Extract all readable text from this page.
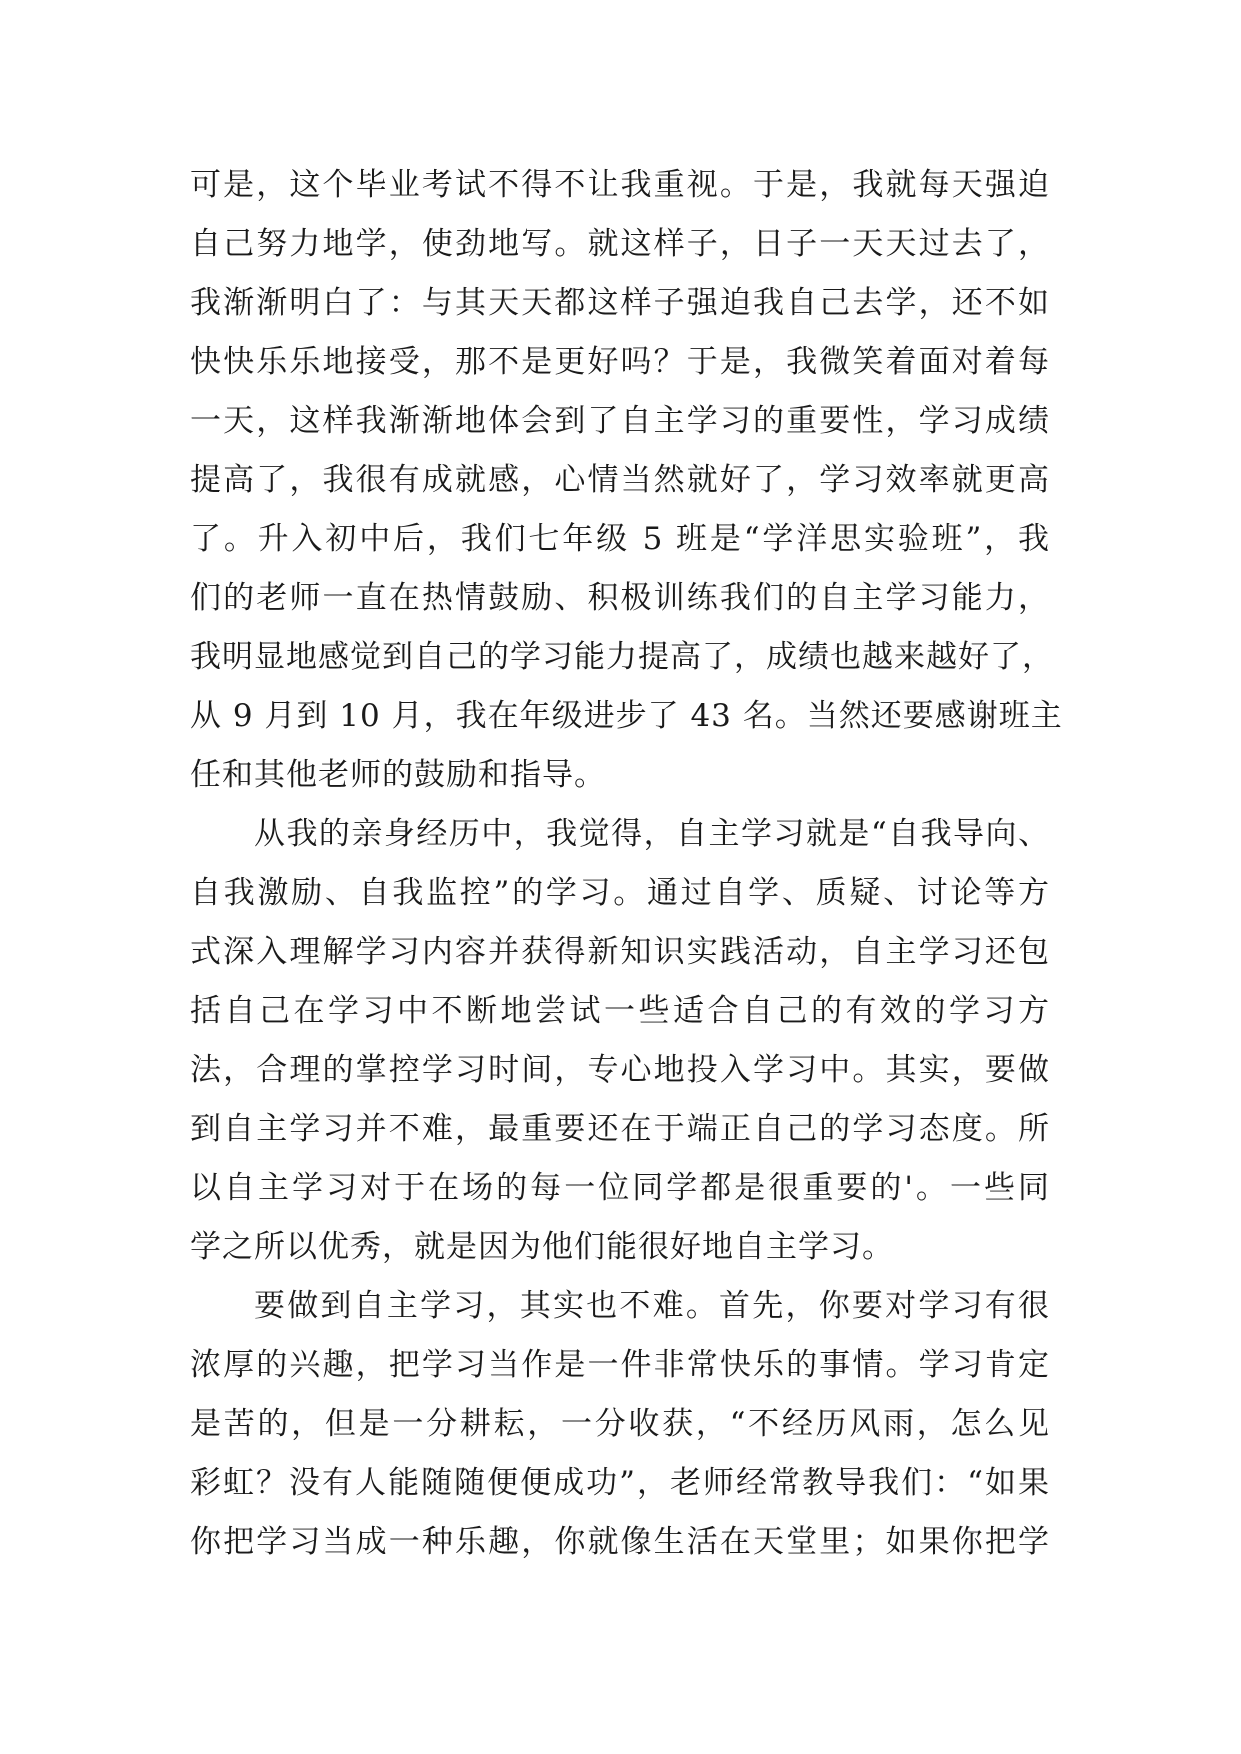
可是，这个毕业考试不得不让我重视。于是，我就每天强迫
自己努力地学，使劲地写。就这样子，日子一天天过去了，
我渐渐明白了：与其天天都这样子强迫我自己去学，还不如
快快乐乐地接受，那不是更好吗？于是，我微笑着面对着每
一天，这样我渐渐地体会到了自主学习的重要性，学习成绩
提高了，我很有成就感，心情当然就好了，学习效率就更高
了。升入初中后，我们七年级 5 班是“学洋思实验班”，我
们的老师一直在热情鼓励、积极训练我们的自主学习能力，
我明显地感觉到自己的学习能力提高了，成绩也越来越好了，
从 9 月到 10 月，我在年级进步了 43 名。当然还要感谢班主
任和其他老师的鼓励和指导。
从我的亲身经历中，我觉得，自主学习就是“自我导向、
自我激励、自我监控”的学习。通过自学、质疑、讨论等方
式深入理解学习内容并获得新知识实践活动，自主学习还包
括自己在学习中不断地尝试一些适合自己的有效的学习方
法，合理的掌控学习时间，专心地投入学习中。其实，要做
到自主学习并不难，最重要还在于端正自己的学习态度。所
以自主学习对于在场的每一位同学都是很重要的'。一些同
学之所以优秀，就是因为他们能很好地自主学习。
要做到自主学习，其实也不难。首先，你要对学习有很
浓厚的兴趣，把学习当作是一件非常快乐的事情。学习肯定
是苦的，但是一分耕耘，一分收获，“不经历风雨，怎么见
彩虹？没有人能随随便便成功”，老师经常教导我们：“如果
你把学习当成一种乐趣，你就像生活在天堂里；如果你把学
